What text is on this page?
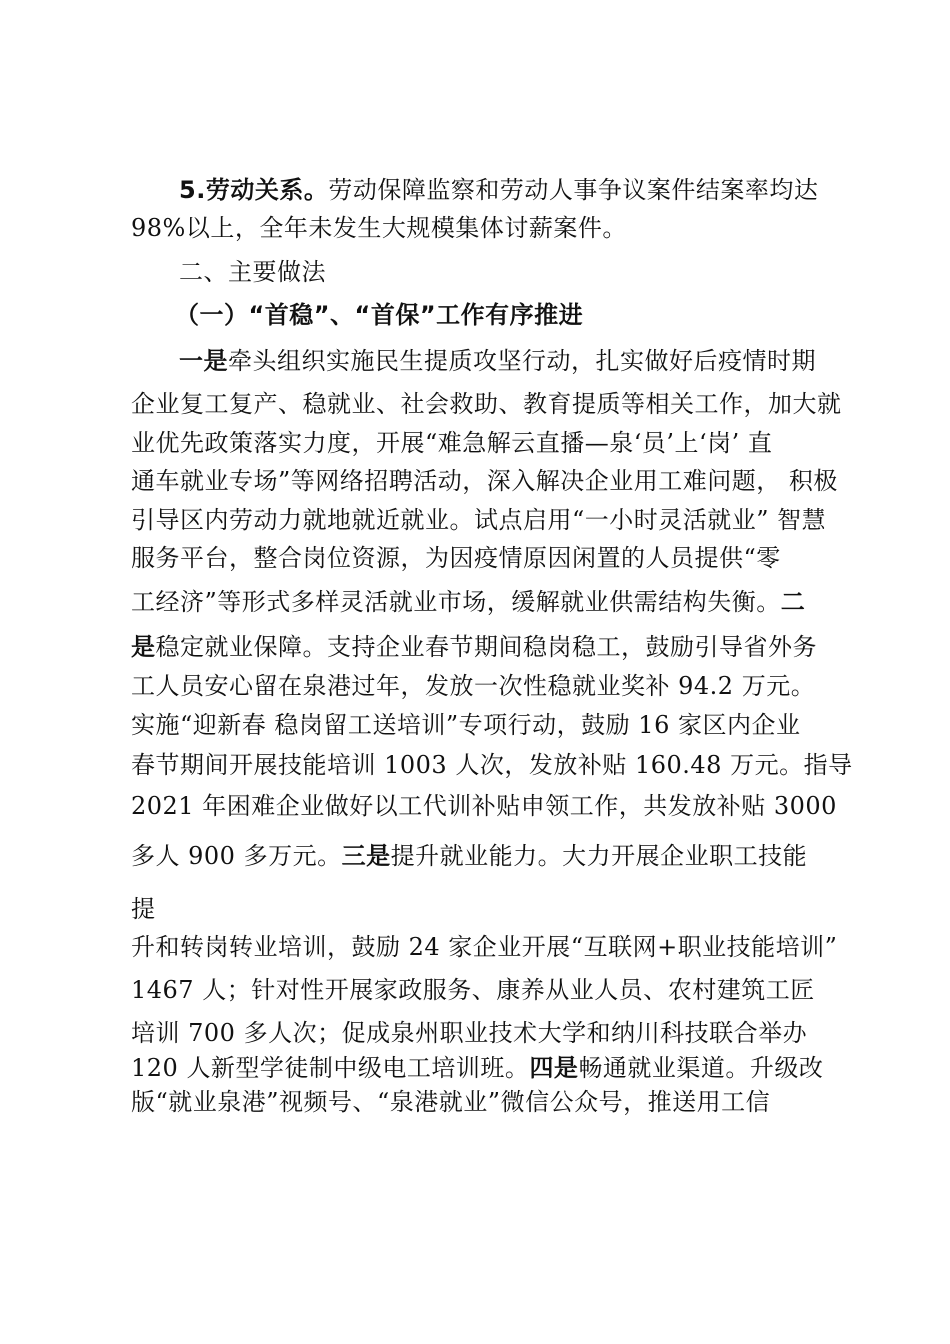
5.劳动关系。劳动保障监察和劳动人事争议案件结案率均达
98%以上，全年未发生大规模集体讨薪案件。
二、主要做法
（一）“首稳”、“首保”工作有序推进
一是牵头组织实施民生提质攻坚行动，扎实做好后疫情时期
企业复工复产、稳就业、社会救助、教育提质等相关工作，加大就
业优先政策落实力度，开展“难急解云直播—泉‘员’上‘岗’ 直
通车就业专场”等网络招聘活动，深入解决企业用工难问题， 积极
引导区内劳动力就地就近就业。试点启用“一小时灵活就业” 智慧
服务平台，整合岗位资源，为因疫情原因闲置的人员提供“零
工经济”等形式多样灵活就业市场，缓解就业供需结构失衡。二
是稳定就业保障。支持企业春节期间稳岗稳工，鼓励引导省外务
工人员安心留在泉港过年，发放一次性稳就业奖补 94.2 万元。
实施“迎新春 稳岗留工送培训”专项行动，鼓励 16 家区内企业
春节期间开展技能培训 1003 人次，发放补贴 160.48 万元。指导
2021 年困难企业做好以工代训补贴申领工作，共发放补贴 3000
多人 900 多万元。三是提升就业能力。大力开展企业职工技能
提
升和转岗转业培训，鼓励 24 家企业开展“互联网+职业技能培训”
1467 人；针对性开展家政服务、康养从业人员、农村建筑工匠
培训 700 多人次；促成泉州职业技术大学和纳川科技联合举办
120 人新型学徒制中级电工培训班。四是畅通就业渠道。升级改
版“就业泉港”视频号、“泉港就业”微信公众号，推送用工信
